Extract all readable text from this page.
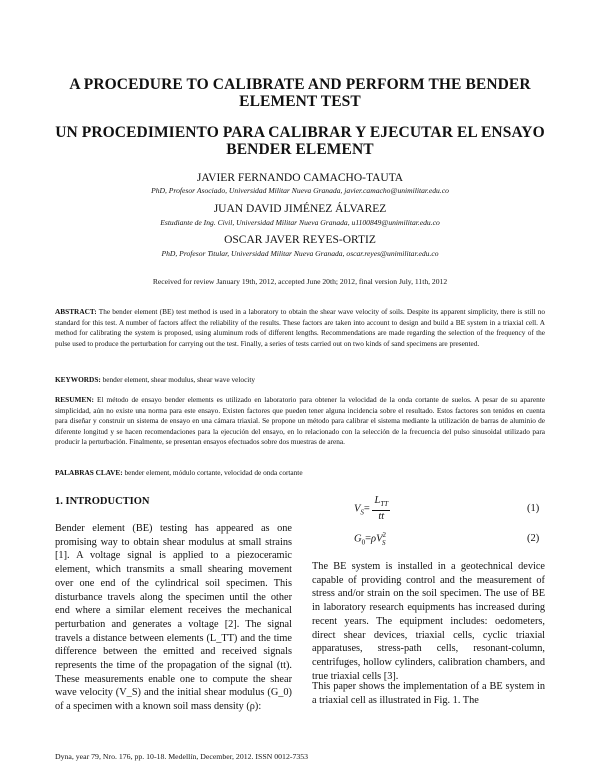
A PROCEDURE TO CALIBRATE AND PERFORM THE BENDER ELEMENT TEST
UN PROCEDIMIENTO PARA CALIBRAR Y EJECUTAR EL ENSAYO BENDER ELEMENT
JAVIER FERNANDO CAMACHO-TAUTA
PhD, Profesor Asociado, Universidad Militar Nueva Granada, javier.camacho@unimilitar.edu.co
JUAN DAVID JIMÉNEZ ÁLVAREZ
Estudiante de Ing. Civil, Universidad Militar Nueva Granada, u1100849@unimilitar.edu.co
OSCAR JAVER REYES-ORTIZ
PhD, Profesor Titular, Universidad Militar Nueva Granada, oscar.reyes@unimilitar.edu.co
Received for review January 19th, 2012, accepted June 20th; 2012, final version July, 11th, 2012
ABSTRACT: The bender element (BE) test method is used in a laboratory to obtain the shear wave velocity of soils. Despite its apparent simplicity, there is still no standard for this test. A number of factors affect the reliability of the results. These factors are taken into account to design and build a BE system in a triaxial cell. A method for calibrating the system is proposed, using aluminum rods of different lengths. Recommendations are made regarding the selection of the frequency of the pulse used to produce the perturbation for carrying out the test. Finally, a series of tests carried out on two kinds of sand specimens are presented.
KEYWORDS: bender element, shear modulus, shear wave velocity
RESUMEN: El método de ensayo bender elements es utilizado en laboratorio para obtener la velocidad de la onda cortante de suelos. A pesar de su aparente simplicidad, aún no existe una norma para este ensayo. Existen factores que pueden tener alguna incidencia sobre el resultado. Estos factores son tenidos en cuenta para diseñar y construir un sistema de ensayo en una cámara triaxial. Se propone un método para calibrar el sistema mediante la utilización de barras de aluminio de diferente longitud y se hacen recomendaciones para la ejecución del ensayo, en lo relacionado con la selección de la frecuencia del pulso sinusoidal utilizado para producir la perturbación. Finalmente, se presentan ensayos efectuados sobre dos muestras de arena.
PALABRAS CLAVE: bender element, módulo cortante, velocidad de onda cortante
1. INTRODUCTION
Bender element (BE) testing has appeared as one promising way to obtain shear modulus at small strains [1]. A voltage signal is applied to a piezoceramic element, which transmits a small shearing movement over one end of the cylindrical soil specimen. This disturbance travels along the specimen until the other end where a similar element receives the mechanical perturbation and generates a voltage [2]. The signal travels a distance between elements (L_TT) and the time difference between the emitted and received signals represents the time of the propagation of the signal (tt). These measurements enable one to compute the shear wave velocity (V_S) and the initial shear modulus (G_0) of a specimen with a known soil mass density (ρ):
$V_S= \frac{L_{TT}}{tt}$	(1)
$G_0=\rho V^2_S$	(2)
The BE system is installed in a geotechnical device capable of providing control and the measurement of stress and/or strain on the soil specimen. The use of BE in laboratory research equipments has increased during recent years. The equipment includes: oedometers, direct shear devices, triaxial cells, cyclic triaxial apparatuses, stress-path cells, resonant-column, centrifuges, hollow cylinders, calibration chambers, and true triaxial cells [3].
This paper shows the implementation of a BE system in a triaxial cell as illustrated in Fig. 1. The
Dyna, year 79, Nro. 176, pp. 10-18. Medellín, December, 2012. ISSN 0012-7353
